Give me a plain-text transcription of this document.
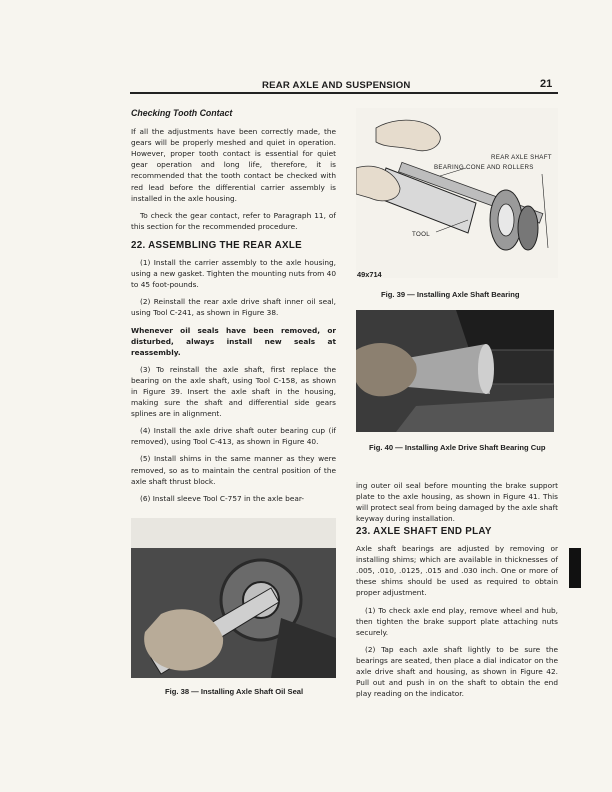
REAR AXLE AND SUSPENSION	21
Checking Tooth Contact

If all the adjustments have been correctly made, the gears will be properly meshed and quiet in operation. However, proper tooth contact is essential for quiet gear operation and long life, therefore, it is recommended that the tooth contact be checked with red lead before the differential carrier assembly is installed in the axle housing.

To check the gear contact, refer to Paragraph 11, of this section for the recommended procedure.

22. ASSEMBLING THE REAR AXLE

(1) Install the carrier assembly to the axle housing, using a new gasket. Tighten the mounting nuts from 40 to 45 foot-pounds.

(2) Reinstall the rear axle drive shaft inner oil seal, using Tool C-241, as shown in Figure 38.

Whenever oil seals have been removed, or disturbed, always install new seals at reassembly.

(3) To reinstall the axle shaft, first replace the bearing on the axle shaft, using Tool C-158, as shown in Figure 39. Insert the axle shaft in the housing, making sure the shaft and differential side gears splines are in alignment.

(4) Install the axle drive shaft outer bearing cup (if removed), using Tool C-413, as shown in Figure 40.

(5) Install shims in the same manner as they were removed, so as to maintain the central position of the axle shaft thrust block.

(6) Install sleeve Tool C-757 in the axle bear-

REAR AXLE SHAFT
BEARING CONE AND ROLLERS
TOOL
49x714
Fig. 39 — Installing Axle Shaft Bearing
Fig. 40 — Installing Axle Drive Shaft Bearing Cup
Fig. 38 — Installing Axle Shaft Oil Seal

ing outer oil seal before mounting the brake support plate to the axle housing, as shown in Figure 41. This will protect seal from being damaged by the axle shaft keyway during installation.

23. AXLE SHAFT END PLAY

Axle shaft bearings are adjusted by removing or installing shims; which are available in thicknesses of .005, .010, .0125, .015 and .030 inch. One or more of these shims should be used as required to obtain proper adjustment.

(1) To check axle end play, remove wheel and hub, then tighten the brake support plate attaching nuts securely.

(2) Tap each axle shaft lightly to be sure the bearings are seated, then place a dial indicator on the axle drive shaft and housing, as shown in Figure 42. Pull out and push in on the shaft to obtain the end play reading on the indicator.
